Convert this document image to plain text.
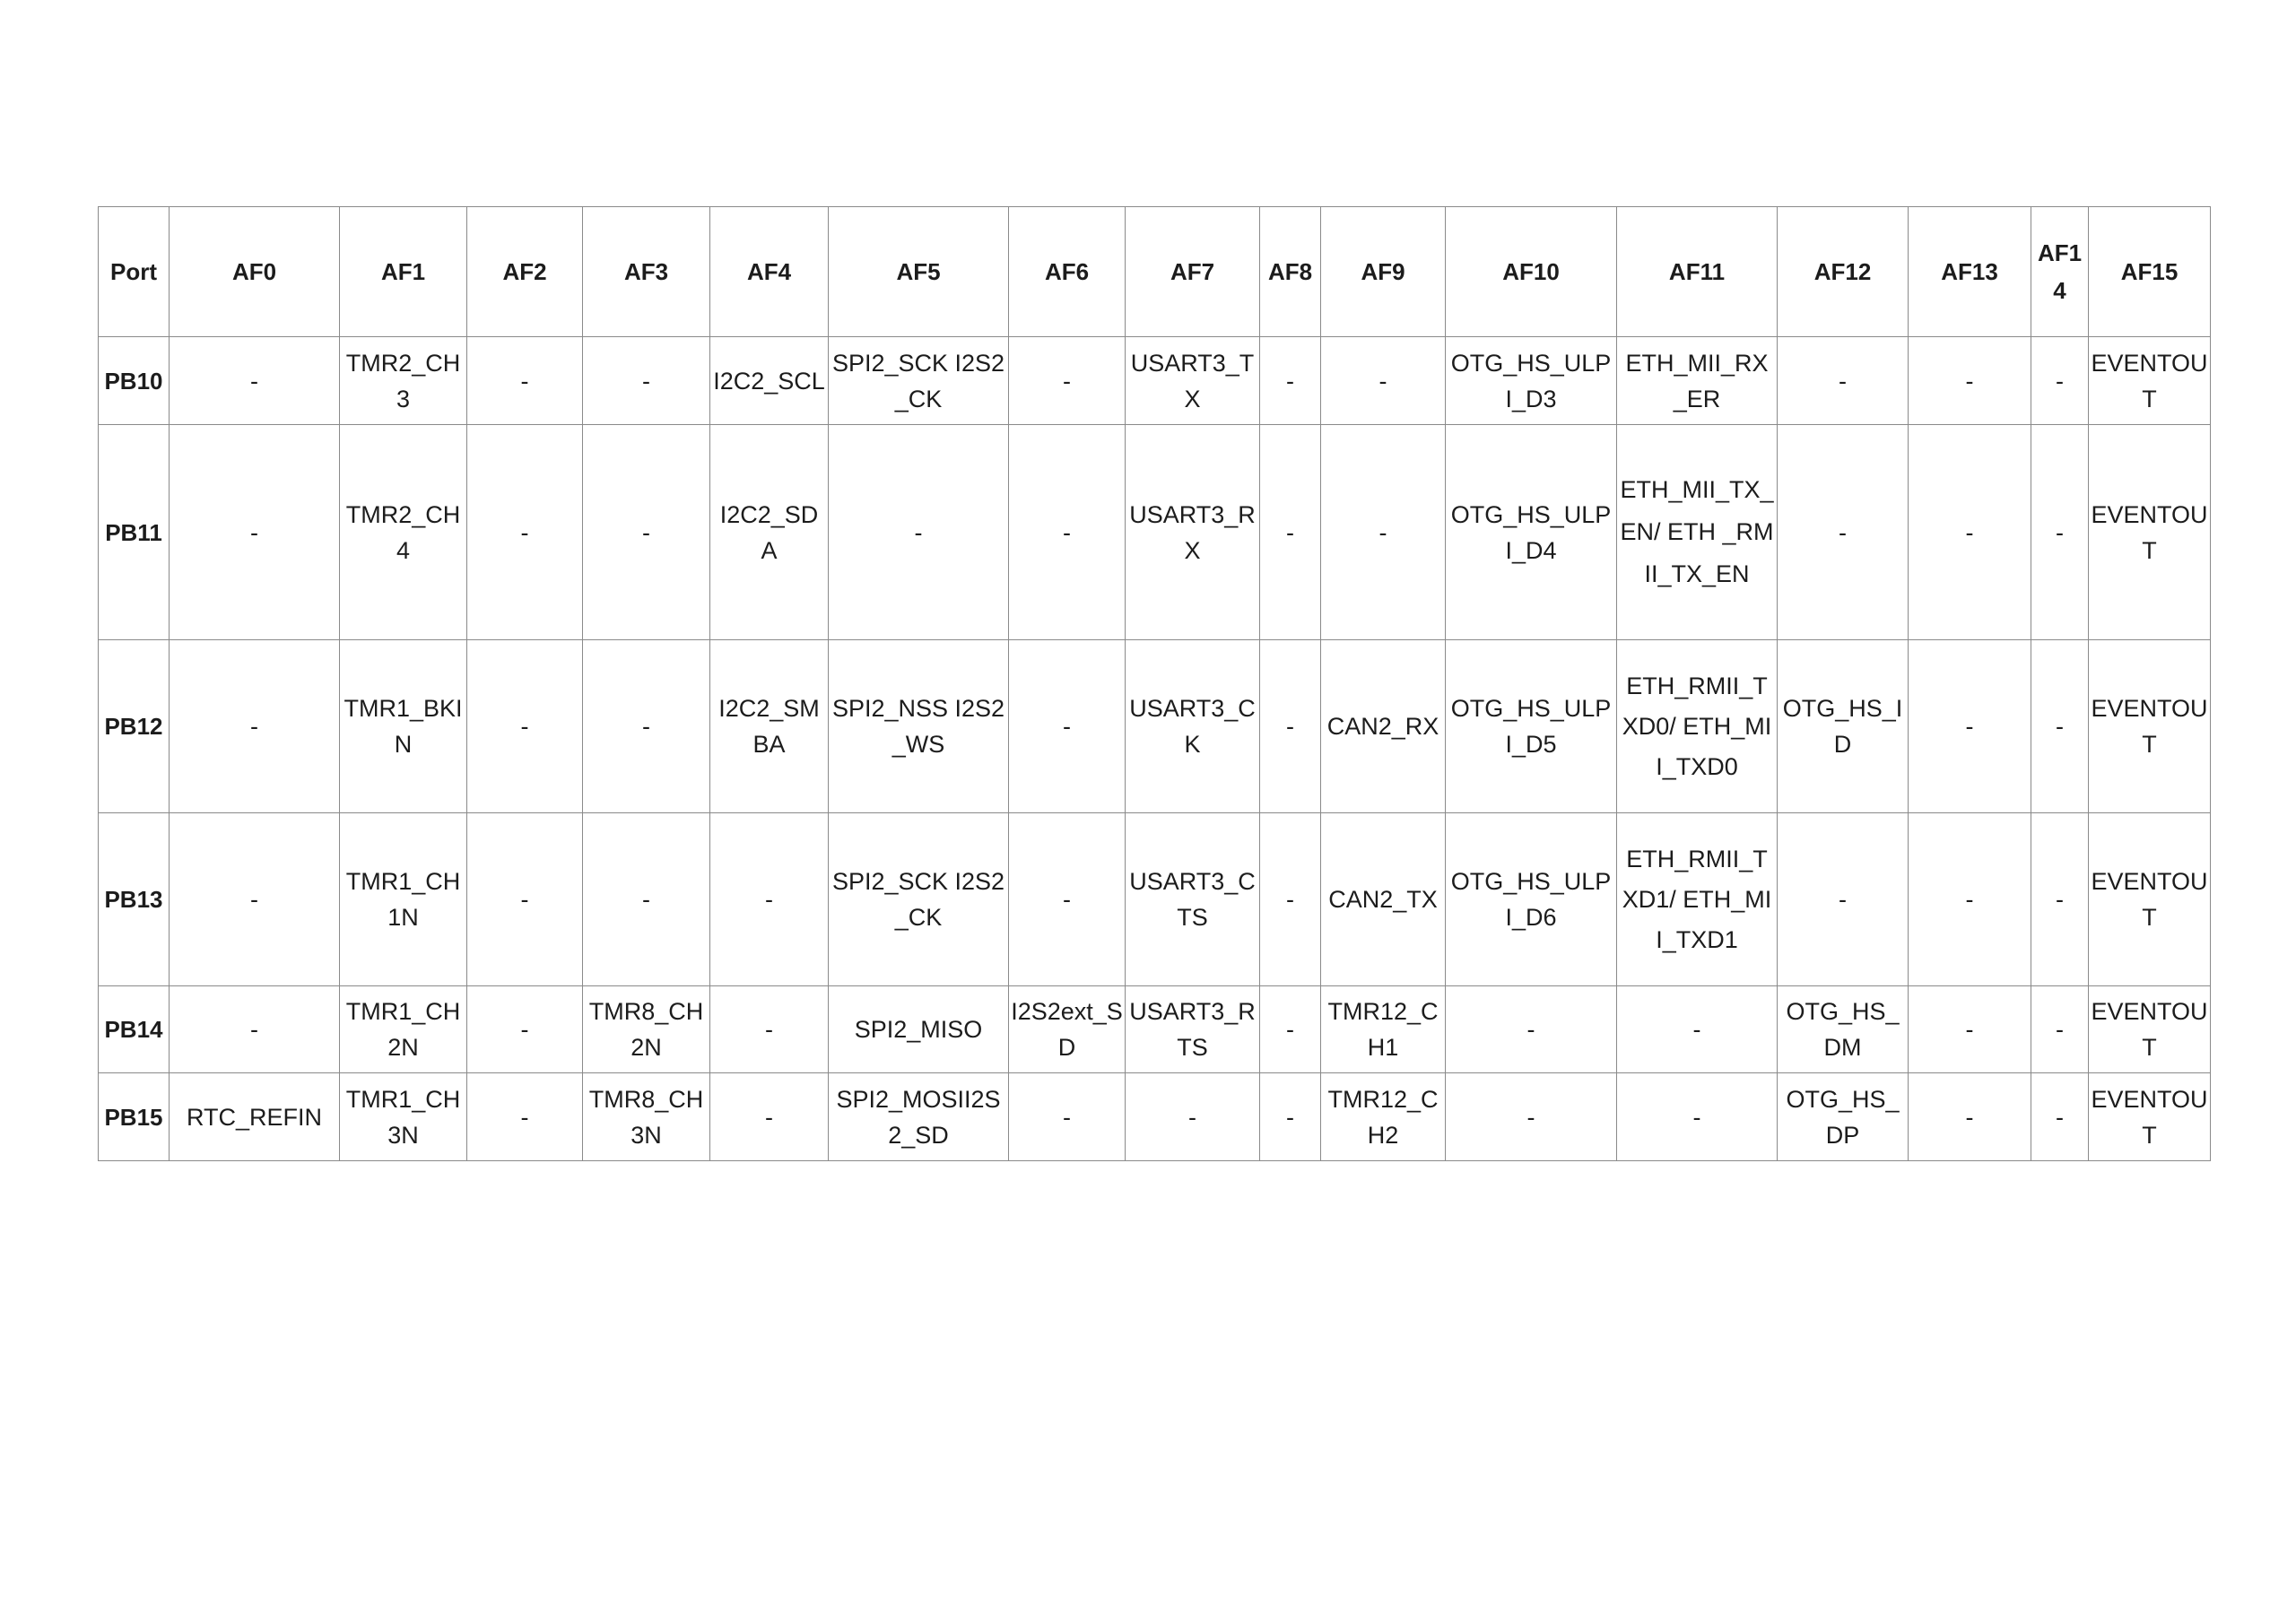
Port	AF0	AF1	AF2	AF3	AF4	AF5	AF6	AF7	AF8	AF9	AF10	AF11	AF12	AF13	AF14	AF15
PB10	-	TMR2_CH3	-	-	I2C2_SCL	SPI2_SCK I2S2_CK	-	USART3_TX	-	-	OTG_HS_ULPI_D3	ETH_MII_RX_ER	-	-	-	EVENTOUT
PB11	-	TMR2_CH4	-	-	I2C2_SDA	-	-	USART3_RX	-	-	OTG_HS_ULPI_D4	ETH_MII_TX_EN/ ETH _RMII_TX_EN	-	-	-	EVENTOUT
PB12	-	TMR1_BKIN	-	-	I2C2_SMBA	SPI2_NSS I2S2_WS	-	USART3_CK	-	CAN2_RX	OTG_HS_ULPI_D5	ETH_RMII_TXD0/ ETH_MII_TXD0	OTG_HS_ID	-	-	EVENTOUT
PB13	-	TMR1_CH1N	-	-	-	SPI2_SCK I2S2_CK	-	USART3_CTS	-	CAN2_TX	OTG_HS_ULPI_D6	ETH_RMII_TXD1/ ETH_MII_TXD1	-	-	-	EVENTOUT
PB14	-	TMR1_CH2N	-	TMR8_CH2N	-	SPI2_MISO	I2S2ext_SD	USART3_RTS	-	TMR12_CH1	-	-	OTG_HS_DM	-	-	EVENTOUT
PB15	RTC_REFIN	TMR1_CH3N	-	TMR8_CH3N	-	SPI2_MOSII2S2_SD	-	-	-	TMR12_CH2	-	-	OTG_HS_DP	-	-	EVENTOUT
